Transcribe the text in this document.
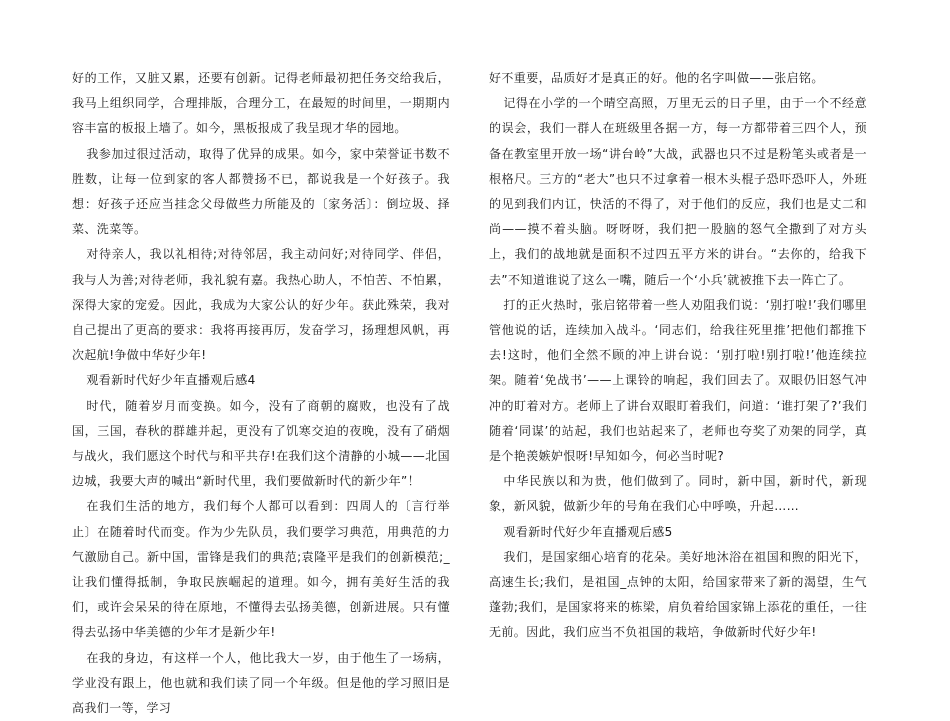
好的工作，又脏又累，还要有创新。记得老师最初把任务交给我后，我马上组织同学，合理排版，合理分工，在最短的时间里，一期期内容丰富的板报上墙了。如今，黑板报成了我呈现才华的园地。

我参加过很过活动，取得了优异的成果。如今，家中荣誉证书数不胜数，让每一位到家的客人都赞扬不已，都说我是一个好孩子。我想：好孩子还应当挂念父母做些力所能及的〔家务活〕：倒垃圾、择菜、洗菜等。

对待亲人，我以礼相待;对待邻居，我主动问好;对待同学、伴侣，我与人为善;对待老师，我礼貌有嘉。我热心助人，不怕苦、不怕累，深得大家的宠爱。因此，我成为大家公认的好少年。获此殊荣，我对自己提出了更高的要求：我将再接再厉，发奋学习，扬理想风帆，再次起航!争做中华好少年!

观看新时代好少年直播观后感4

时代，随着岁月而变换。如今，没有了商朝的腐败，也没有了战国，三国，春秋的群雄并起，更没有了饥寒交迫的夜晚，没有了硝烟与战火，我们愿这个时代与和平共存!在我们这个清静的小城——北国边城，我要大声的喊出“新时代里，我们要做新时代的新少年”！

在我们生活的地方，我们每个人都可以看到：四周人的〔言行举止〕在随着时代而变。作为少先队员，我们要学习典范，用典范的力气激励自己。新中国，雷锋是我们的典范;袁隆平是我们的创新模范;_让我们懂得抵制，争取民族崛起的道理。如今，拥有美好生活的我们，或许会呆呆的待在原地，不懂得去弘扬美德，创新进展。只有懂得去弘扬中华美德的少年才是新少年!

在我的身边，有这样一个人，他比我大一岁，由于他生了一场病，学业没有跟上，他也就和我们读了同一个年级。但是他的学习照旧是高我们一等，学习

好不重要，品质好才是真正的好。他的名字叫做——张启铭。

记得在小学的一个晴空高照，万里无云的日子里，由于一个不经意的误会，我们一群人在班级里各据一方，每一方都带着三四个人，预备在教室里开放一场“讲台岭”大战，武器也只不过是粉笔头或者是一根格尺。三方的“老大”也只不过拿着一根木头棍子恐吓恐吓人，外班的见到我们内讧，快活的不得了，对于他们的反应，我们也是丈二和尚——摸不着头脑。呀呀呀，我们把一股脑的怒气全撒到了对方头上，我们的战地就是面积不过四五平方米的讲台。“去你的，给我下去”不知道谁说了这么一嘴，随后一个‘小兵’就被推下去一阵亡了。

打的正火热时，张启铭带着一些人劝阻我们说：‘别打啦!’我们哪里管他说的话，连续加入战斗。‘同志们，给我往死里推’把他们都推下去!这时，他们全然不顾的冲上讲台说：‘别打啦!别打啦!’他连续拉架。随着‘免战书’——上课铃的响起，我们回去了。双眼仍旧怒气冲冲的盯着对方。老师上了讲台双眼盯着我们，问道：‘谁打架了?’我们随着‘同谋’的站起，我们也站起来了，老师也夸奖了劝架的同学，真是个艳羡嫉妒恨呀!早知如今，何必当时呢?

中华民族以和为贵，他们做到了。同时，新中国，新时代，新现象，新风貌，做新少年的号角在我们心中呼唤，升起……

观看新时代好少年直播观后感5

我们，是国家细心培育的花朵。美好地沐浴在祖国和煦的阳光下，高速生长;我们，是祖国_点钟的太阳，给国家带来了新的渴望，生气蓬勃;我们，是国家将来的栋梁，肩负着给国家锦上添花的重任，一往无前。因此，我们应当不负祖国的栽培，争做新时代好少年!
